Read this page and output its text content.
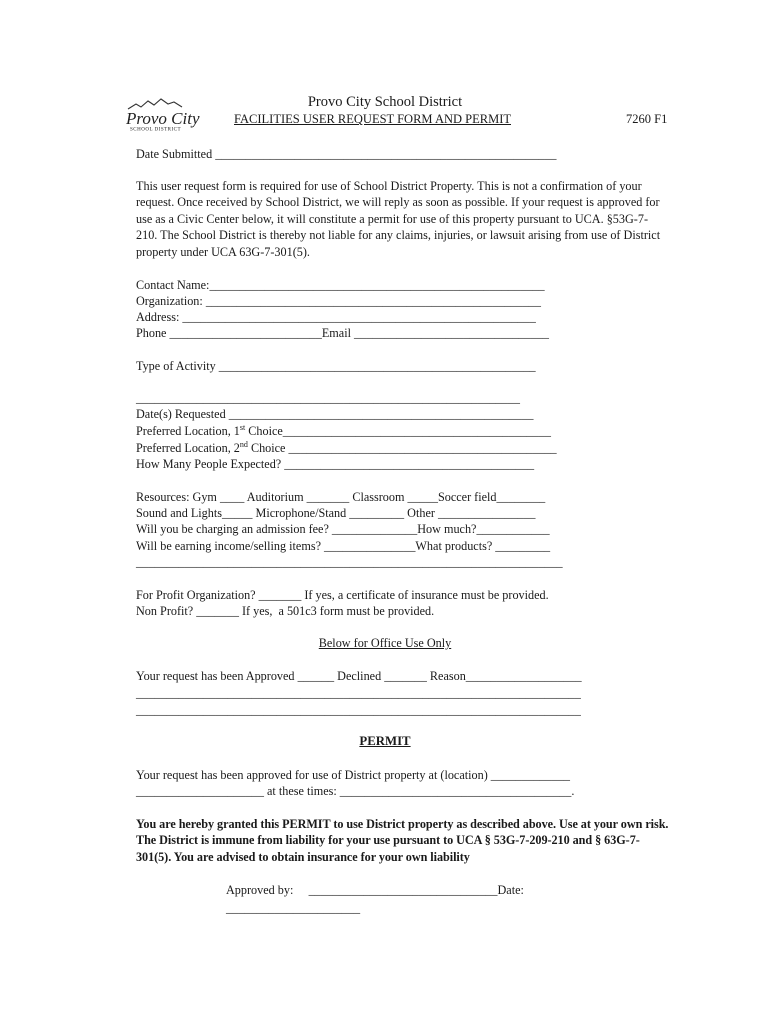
Provo City
SCHOOL DISTRICT
Provo City School District
FACILITIES USER REQUEST FORM AND PERMIT	7260 F1
Date Submitted ________________________________________________________
This user request form is required for use of School District Property. This is not a confirmation of your request. Once received by School District, we will reply as soon as possible. If your request is approved for use as a Civic Center below, it will constitute a permit for use of this property pursuant to UCA. §53G-7-210. The School District is thereby not liable for any claims, injuries, or lawsuit arising from use of District property under UCA 63G-7-301(5).
Contact Name:_______________________________________________________
Organization: _______________________________________________________
Address: __________________________________________________________
Phone _________________________Email ________________________________
Type of Activity ____________________________________________________
_______________________________________________________________
Date(s) Requested __________________________________________________
Preferred Location, 1st Choice____________________________________________
Preferred Location, 2nd Choice ____________________________________________
How Many People Expected? _________________________________________
Resources: Gym ____ Auditorium _______ Classroom _____Soccer field________
Sound and Lights_____ Microphone/Stand _________ Other ________________
Will you be charging an admission fee? ______________How much?____________
Will be earning income/selling items? _______________What products? _________
______________________________________________________________________
For Profit Organization? _______ If yes, a certificate of insurance must be provided.
Non Profit? _______ If yes,  a 501c3 form must be provided.
Below for Office Use Only
Your request has been Approved ______ Declined _______ Reason___________________
_________________________________________________________________________
_________________________________________________________________________
PERMIT
Your request has been approved for use of District property at (location) _____________
_____________________ at these times: ______________________________________.
You are hereby granted this PERMIT to use District property as described above. Use at your own risk. The District is immune from liability for your use pursuant to UCA § 53G-7-209-210 and § 63G-7-301(5). You are advised to obtain insurance for your own liability
Approved by:     _______________________________Date:
______________________
